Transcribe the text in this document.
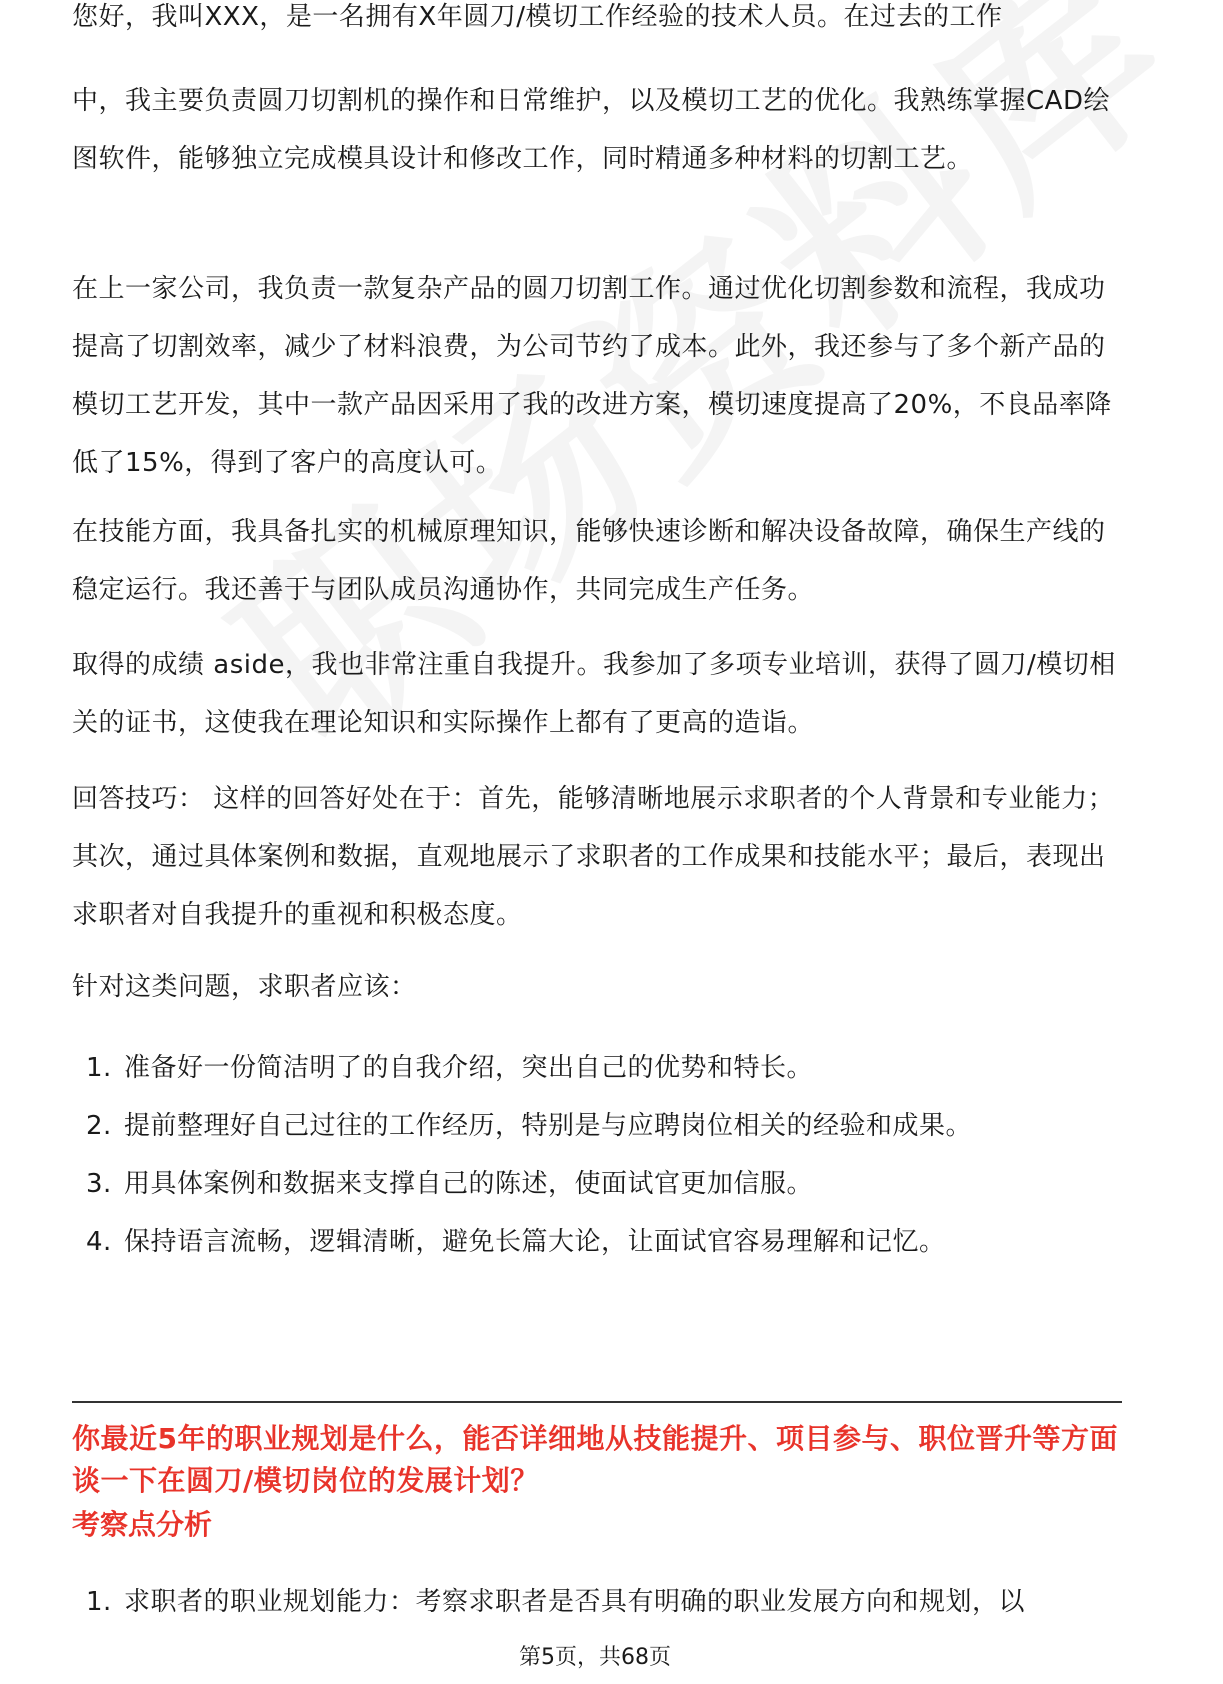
您好，我叫XXX，是一名拥有X年圆刀/模切工作经验的技术人员。在过去的工作

中，我主要负责圆刀切割机的操作和日常维护，以及模切工艺的优化。我熟练掌握CAD绘图软件，能够独立完成模具设计和修改工作，同时精通多种材料的切割工艺。

在上一家公司，我负责一款复杂产品的圆刀切割工作。通过优化切割参数和流程，我成功提高了切割效率，减少了材料浪费，为公司节约了成本。此外，我还参与了多个新产品的模切工艺开发，其中一款产品因采用了我的改进方案，模切速度提高了20%，不良品率降低了15%，得到了客户的高度认可。

在技能方面，我具备扎实的机械原理知识，能够快速诊断和解决设备故障，确保生产线的稳定运行。我还善于与团队成员沟通协作，共同完成生产任务。

取得的成绩 aside，我也非常注重自我提升。我参加了多项专业培训，获得了圆刀/模切相关的证书，这使我在理论知识和实际操作上都有了更高的造诣。

回答技巧： 这样的回答好处在于：首先，能够清晰地展示求职者的个人背景和专业能力；其次，通过具体案例和数据，直观地展示了求职者的工作成果和技能水平；最后，表现出求职者对自我提升的重视和积极态度。

针对这类问题，求职者应该：

1. 准备好一份简洁明了的自我介绍，突出自己的优势和特长。
2. 提前整理好自己过往的工作经历，特别是与应聘岗位相关的经验和成果。
3. 用具体案例和数据来支撑自己的陈述，使面试官更加信服。
4. 保持语言流畅，逻辑清晰，避免长篇大论，让面试官容易理解和记忆。

你最近5年的职业规划是什么，能否详细地从技能提升、项目参与、职位晋升等方面谈一下在圆刀/模切岗位的发展计划？

考察点分析

1. 求职者的职业规划能力：考察求职者是否具有明确的职业发展方向和规划，以
第5页，共68页
